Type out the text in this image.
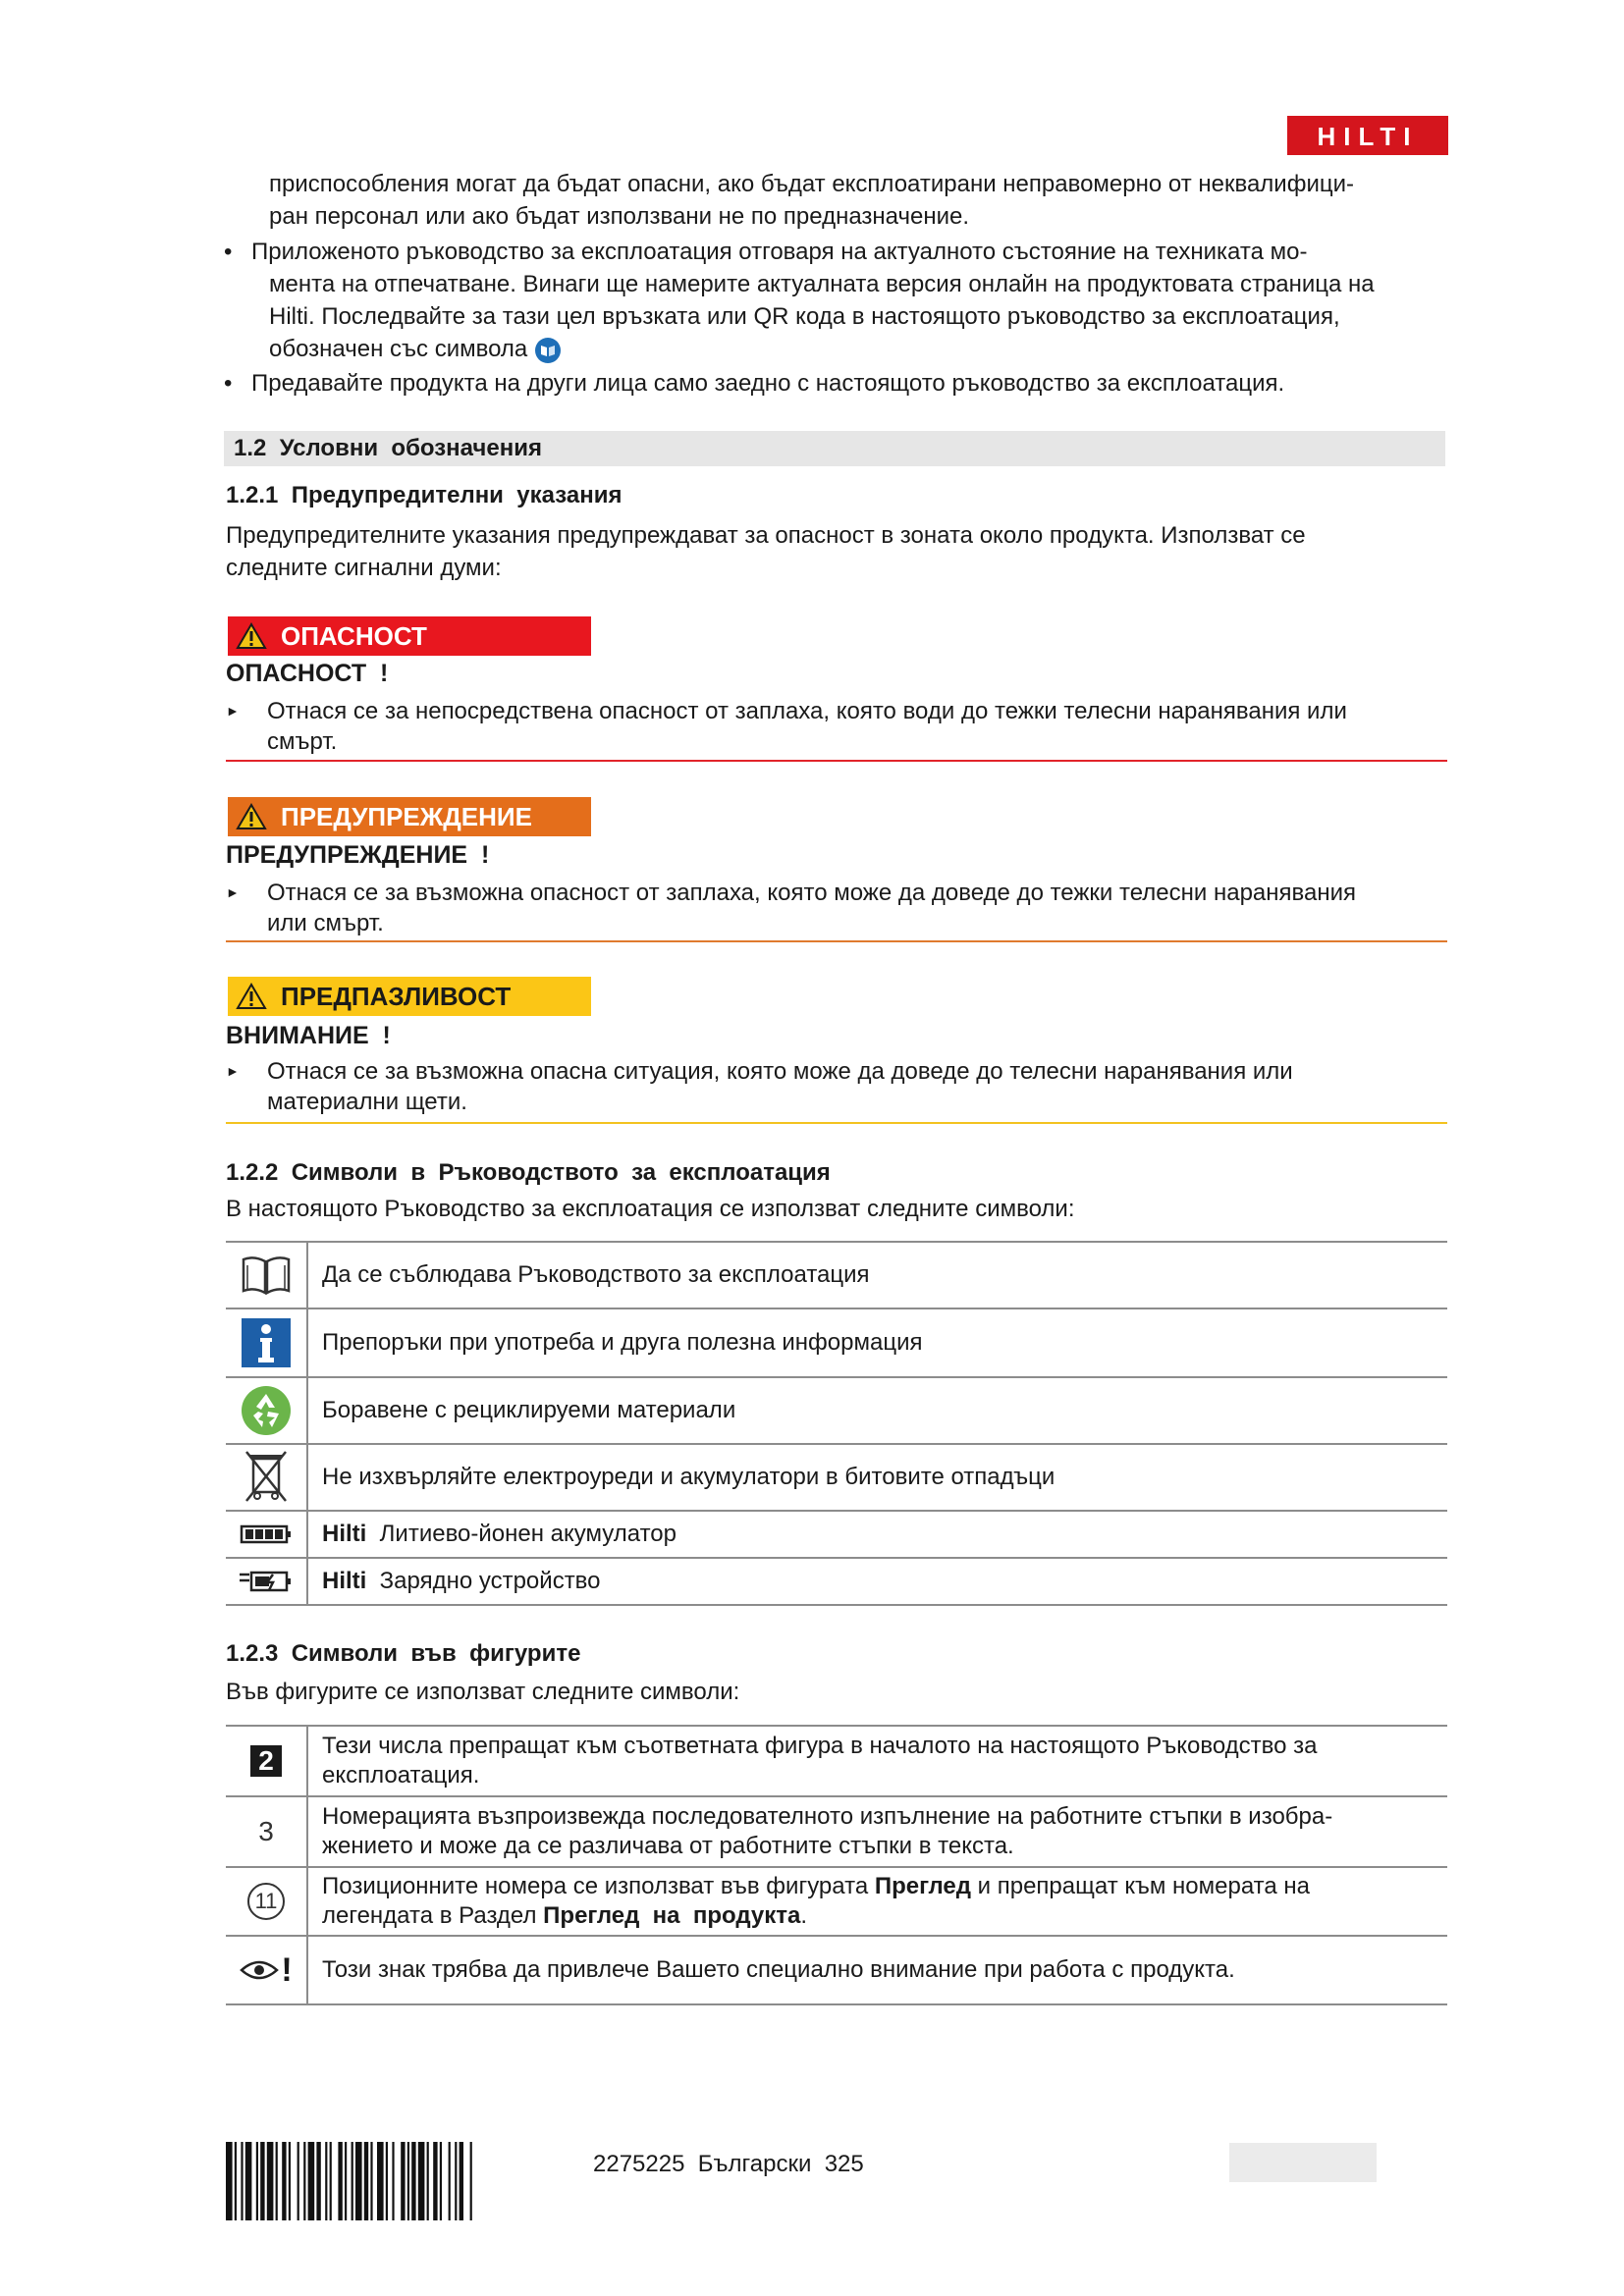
HILTI
приспособления могат да бъдат опасни, ако бъдат експлоатирани неправомерно от неквалифици-
ран персонал или ако бъдат използвани не по предназначение.
• Приложеното ръководство за експлоатация отговаря на актуалното състояние на техниката мо-
мента на отпечатване. Винаги ще намерите актуалната версия онлайн на продуктовата страница на
Hilti. Последвайте за тази цел връзката или QR кода в настоящото ръководство за експлоатация,
обозначен със символа
• Предавайте продукта на други лица само заедно с настоящото ръководство за експлоатация.
1.2 Условни  обозначения
1.2.1  Предупредителни  указания
Предупредителните указания предупреждават за опасност в зоната около продукта. Използват се
следните сигнални думи:
ОПАСНОСТ
ОПАСНОСТ  !
►	Отнася се за непосредствена опасност от заплаха, която води до тежки телесни наранявания или
смърт.
ПРЕДУПРЕЖДЕНИЕ
ПРЕДУПРЕЖДЕНИЕ  !
►	Отнася се за възможна опасност от заплаха, която може да доведе до тежки телесни наранявания
или смърт.
ПРЕДПАЗЛИВОСТ
ВНИМАНИЕ  !
►	Отнася се за възможна опасна ситуация, която може да доведе до телесни наранявания или
материални щети.
1.2.2  Символи  в  Ръководството  за  експлоатация
В настоящото Ръководство за експлоатация се използват следните символи:
	Да се съблюдава Ръководството за експлоатация

	Препоръки при употреба и друга полезна информация

	Боравене с рециклируеми материали

	Не изхвърляйте електроуреди и акумулатори в битовите отпадъци

	Hilti Литиево-йонен акумулатор

	Hilti Зарядно устройство
1.2.3  Символи  във  фигурите
Във фигурите се използват следните символи:
2	Тези числа препращат към съответната фигура в началото на настоящото Ръководство за
експлоатация.

3	Номерацията възпроизвежда последователното изпълнение на работните стъпки в изобра-
жението и може да се различава от работните стъпки в текста.

11	Позиционните номера се използват във фигурата Преглед и препращат към номерата на
легендата в Раздел Преглед  на  продукта.

!	Този знак трябва да привлече Вашето специално внимание при работа с продукта.
2275225  Български  325
